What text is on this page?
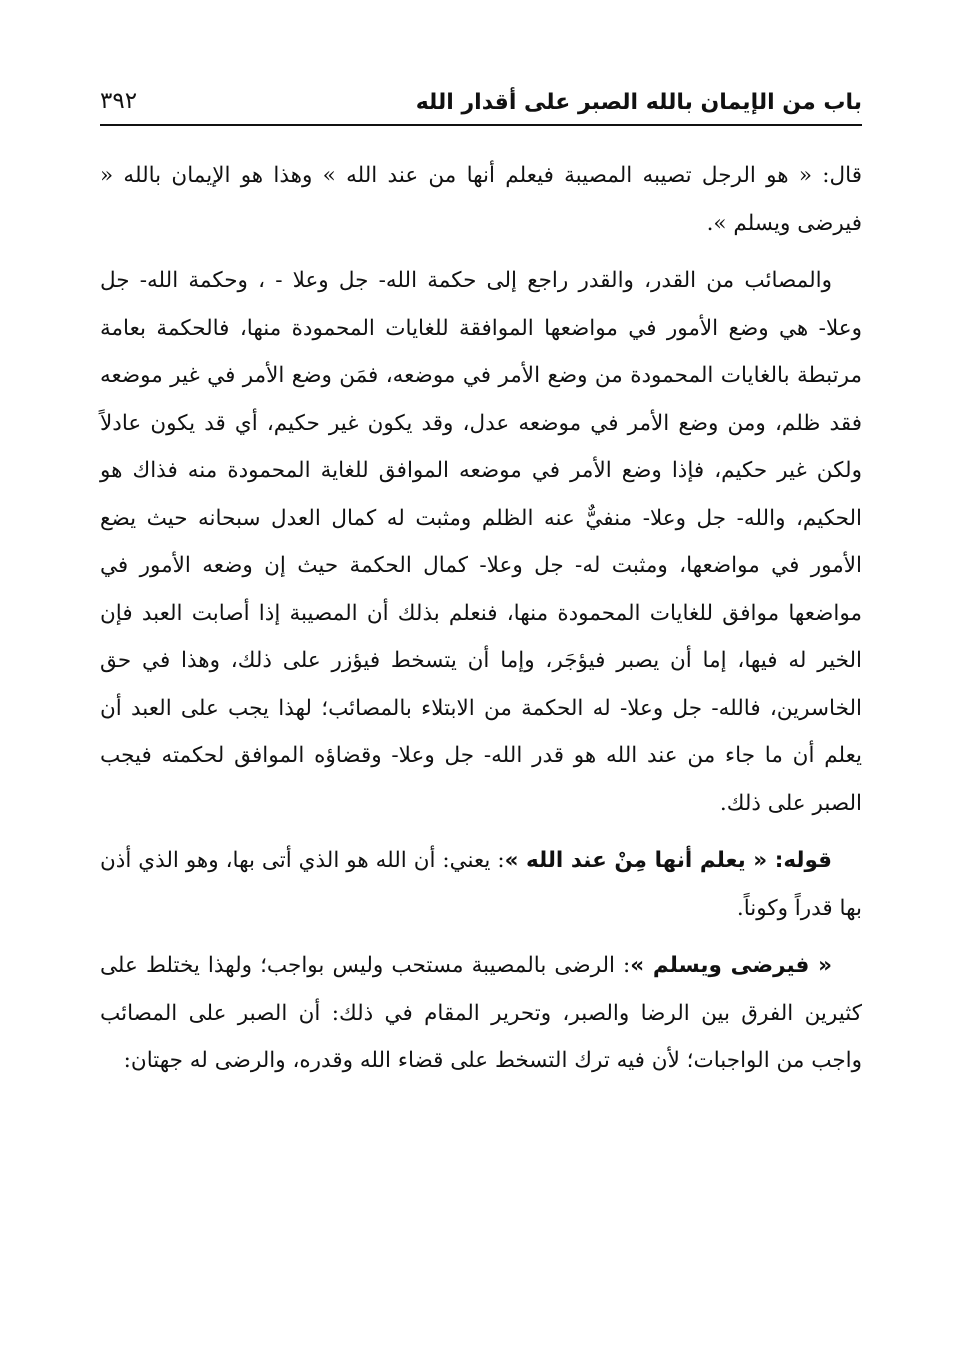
باب من الإيمان بالله الصبر على أقدار الله
٣٩٢

قال: « هو الرجل تصيبه المصيبة فيعلم أنها من عند الله » وهذا هو الإيمان بالله « فيرضى ويسلم ».

والمصائب من القدر، والقدر راجع إلى حكمة الله- جل وعلا - ، وحكمة الله- جل وعلا- هي وضع الأمور في مواضعها الموافقة للغايات المحمودة منها، فالحكمة بعامة مرتبطة بالغايات المحمودة من وضع الأمر في موضعه، فمَن وضع الأمر في غير موضعه فقد ظلم، ومن وضع الأمر في موضعه عدل، وقد يكون غير حكيم، أي قد يكون عادلاً ولكن غير حكيم، فإذا وضع الأمر في موضعه الموافق للغاية المحمودة منه فذاك هو الحكيم، والله- جل وعلا- منفيٌّ عنه الظلم ومثبت له كمال العدل سبحانه حيث يضع الأمور في مواضعها، ومثبت له- جل وعلا- كمال الحكمة حيث إن وضعه الأمور في مواضعها موافق للغايات المحمودة منها، فنعلم بذلك أن المصيبة إذا أصابت العبد فإن الخير له فيها، إما أن يصبر فيؤجَر، وإما أن يتسخط فيؤزر على ذلك، وهذا في حق الخاسرين، فالله- جل وعلا- له الحكمة من الابتلاء بالمصائب؛ لهذا يجب على العبد أن يعلم أن ما جاء من عند الله هو قدر الله- جل وعلا- وقضاؤه الموافق لحكمته فيجب الصبر على ذلك.

قوله: « يعلم أنها مِنْ عند الله »: يعني: أن الله هو الذي أتى بها، وهو الذي أذن بها قدراً وكوناً.

« فيرضى ويسلم »: الرضى بالمصيبة مستحب وليس بواجب؛ ولهذا يختلط على كثيرين الفرق بين الرضا والصبر، وتحرير المقام في ذلك: أن الصبر على المصائب واجب من الواجبات؛ لأن فيه ترك التسخط على قضاء الله وقدره، والرضى له جهتان:
